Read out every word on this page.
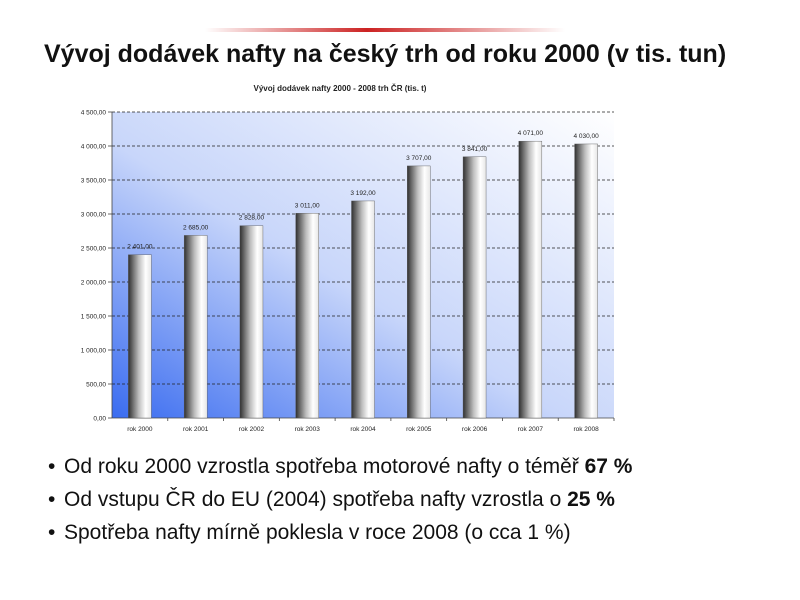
Vývoj dodávek nafty na český trh od roku 2000 (v tis. tun)
Vývoj dodávek nafty 2000 - 2008 trh ČR (tis. t)
0,00
500,00
1 000,00
1 500,00
2 000,00
2 500,00
3 000,00
3 500,00
4 000,00
4 500,00
2 401,00
rok 2000
2 685,00
rok 2001
2 828,00
rok 2002
3 011,00
rok 2003
3 192,00
rok 2004
3 707,00
rok 2005
3 841,00
rok 2006
4 071,00
rok 2007
4 030,00
rok 2008
• Od roku 2000 vzrostla spotřeba motorové nafty o téměř 67 %
• Od vstupu ČR do EU (2004) spotřeba nafty vzrostla o 25 %
• Spotřeba nafty mírně poklesla v roce 2008 (o cca 1 %)
